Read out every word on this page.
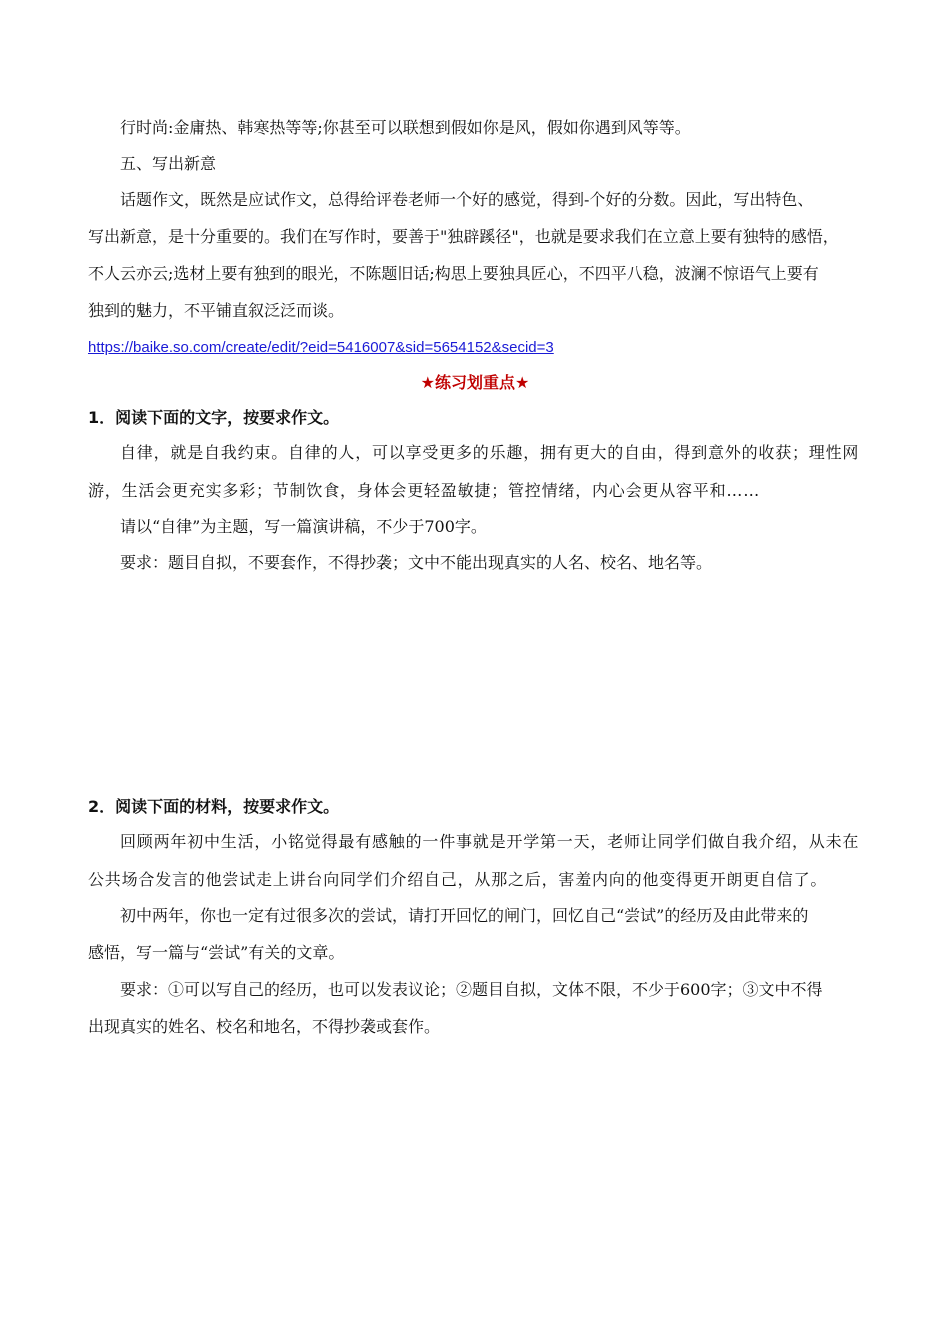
行时尚:金庸热、韩寒热等等;你甚至可以联想到假如你是风，假如你遇到风等等。
五、写出新意
话题作文，既然是应试作文，总得给评卷老师一个好的感觉，得到-个好的分数。因此，写出特色、
写出新意，是十分重要的。我们在写作时，要善于"独辟蹊径"，也就是要求我们在立意上要有独特的感悟，
不人云亦云;选材上要有独到的眼光，不陈题旧话;构思上要独具匠心，不四平八稳，波澜不惊语气上要有
独到的魅力，不平铺直叙泛泛而谈。
https://baike.so.com/create/edit/?eid=5416007&sid=5654152&secid=3
★练习划重点★
1．阅读下面的文字，按要求作文。
自律，就是自我约束。自律的人，可以享受更多的乐趣，拥有更大的自由，得到意外的收获；理性网
游，生活会更充实多彩；节制饮食，身体会更轻盈敏捷；管控情绪，内心会更从容平和……
请以“自律”为主题，写一篇演讲稿，不少于700字。
要求：题目自拟，不要套作，不得抄袭；文中不能出现真实的人名、校名、地名等。
2．阅读下面的材料，按要求作文。
回顾两年初中生活，小铭觉得最有感触的一件事就是开学第一天，老师让同学们做自我介绍，从未在
公共场合发言的他尝试走上讲台向同学们介绍自己，从那之后，害羞内向的他变得更开朗更自信了。
初中两年，你也一定有过很多次的尝试，请打开回忆的闸门，回忆自己“尝试”的经历及由此带来的
感悟，写一篇与“尝试”有关的文章。
要求：①可以写自己的经历，也可以发表议论；②题目自拟，文体不限，不少于600字；③文中不得
出现真实的姓名、校名和地名，不得抄袭或套作。
